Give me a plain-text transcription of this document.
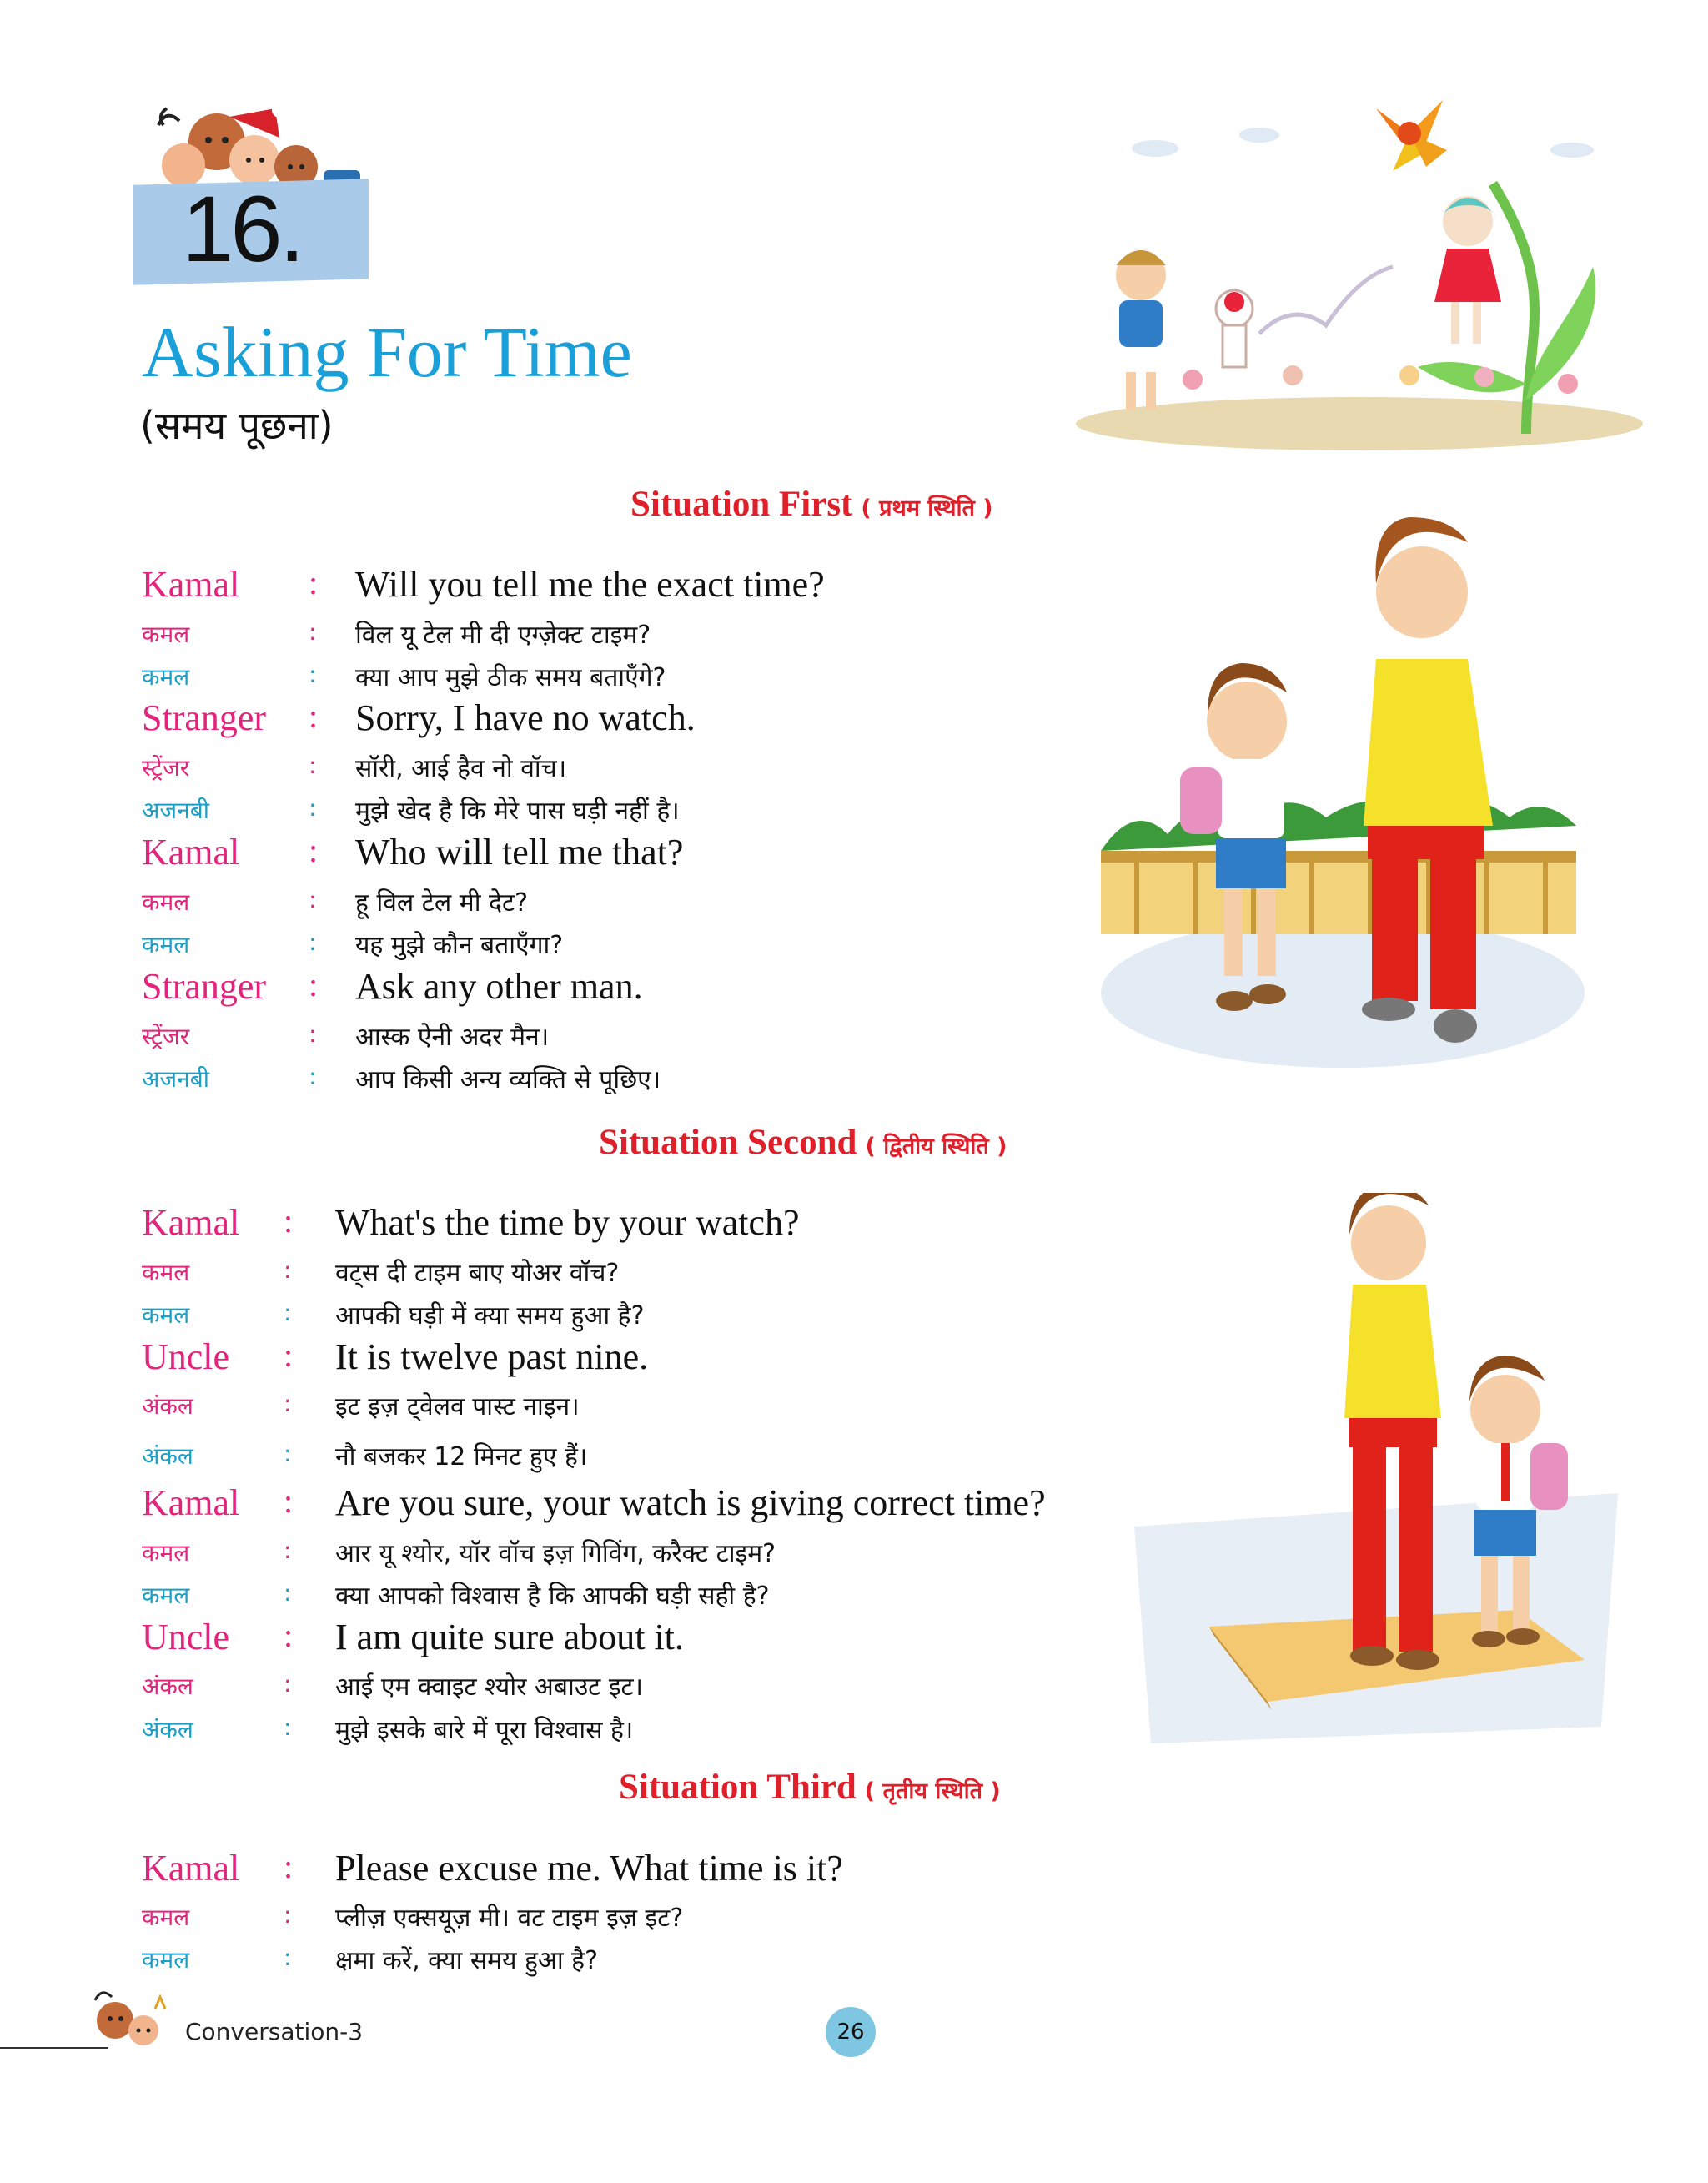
16.
Asking For Time
(समय पूछना)
Situation First ( प्रथम स्थिति )
Situation Second ( द्वितीय स्थिति )
Situation Third ( तृतीय स्थिति )
Kamal : Will you tell me the exact time?
कमल	: विल यू टेल मी दी एग्ज़ेक्ट टाइम?
कमल	: क्या आप मुझे ठीक समय बताएँगे?
Stranger : Sorry, I have no watch.
स्ट्रेंजर	: सॉरी, आई हैव नो वॉच।
अजनबी	: मुझे खेद है कि मेरे पास घड़ी नहीं है।
Kamal : Who will tell me that?
कमल	: हू विल टेल मी देट?
कमल	: यह मुझे कौन बताएँगा?
Stranger : Ask any other man.
स्ट्रेंजर	: आस्क ऐनी अदर मैन।
अजनबी	: आप किसी अन्य व्यक्ति से पूछिए।
Kamal : What's the time by your watch?
कमल	: वट्स दी टाइम बाए योअर वॉच?
कमल	: आपकी घड़ी में क्या समय हुआ है?
Uncle : It is twelve past nine.
अंकल	: इट इज़ ट्वेलव पास्ट नाइन।
अंकल	: नौ बजकर 12 मिनट हुए हैं।
Kamal : Are you sure, your watch is giving correct time?
कमल	: आर यू श्योर, यॉर वॉच इज़ गिविंग, करैक्ट टाइम?
कमल	: क्या आपको विश्वास है कि आपकी घड़ी सही है?
Uncle : I am quite sure about it.
अंकल	: आई एम क्वाइट श्योर अबाउट इट।
अंकल	: मुझे इसके बारे में पूरा विश्वास है।
Kamal : Please excuse me. What time is it?
कमल	: प्लीज़ एक्सयूज़ मी। वट टाइम इज़ इट?
कमल	: क्षमा करें, क्या समय हुआ है?
Conversation-3	26
